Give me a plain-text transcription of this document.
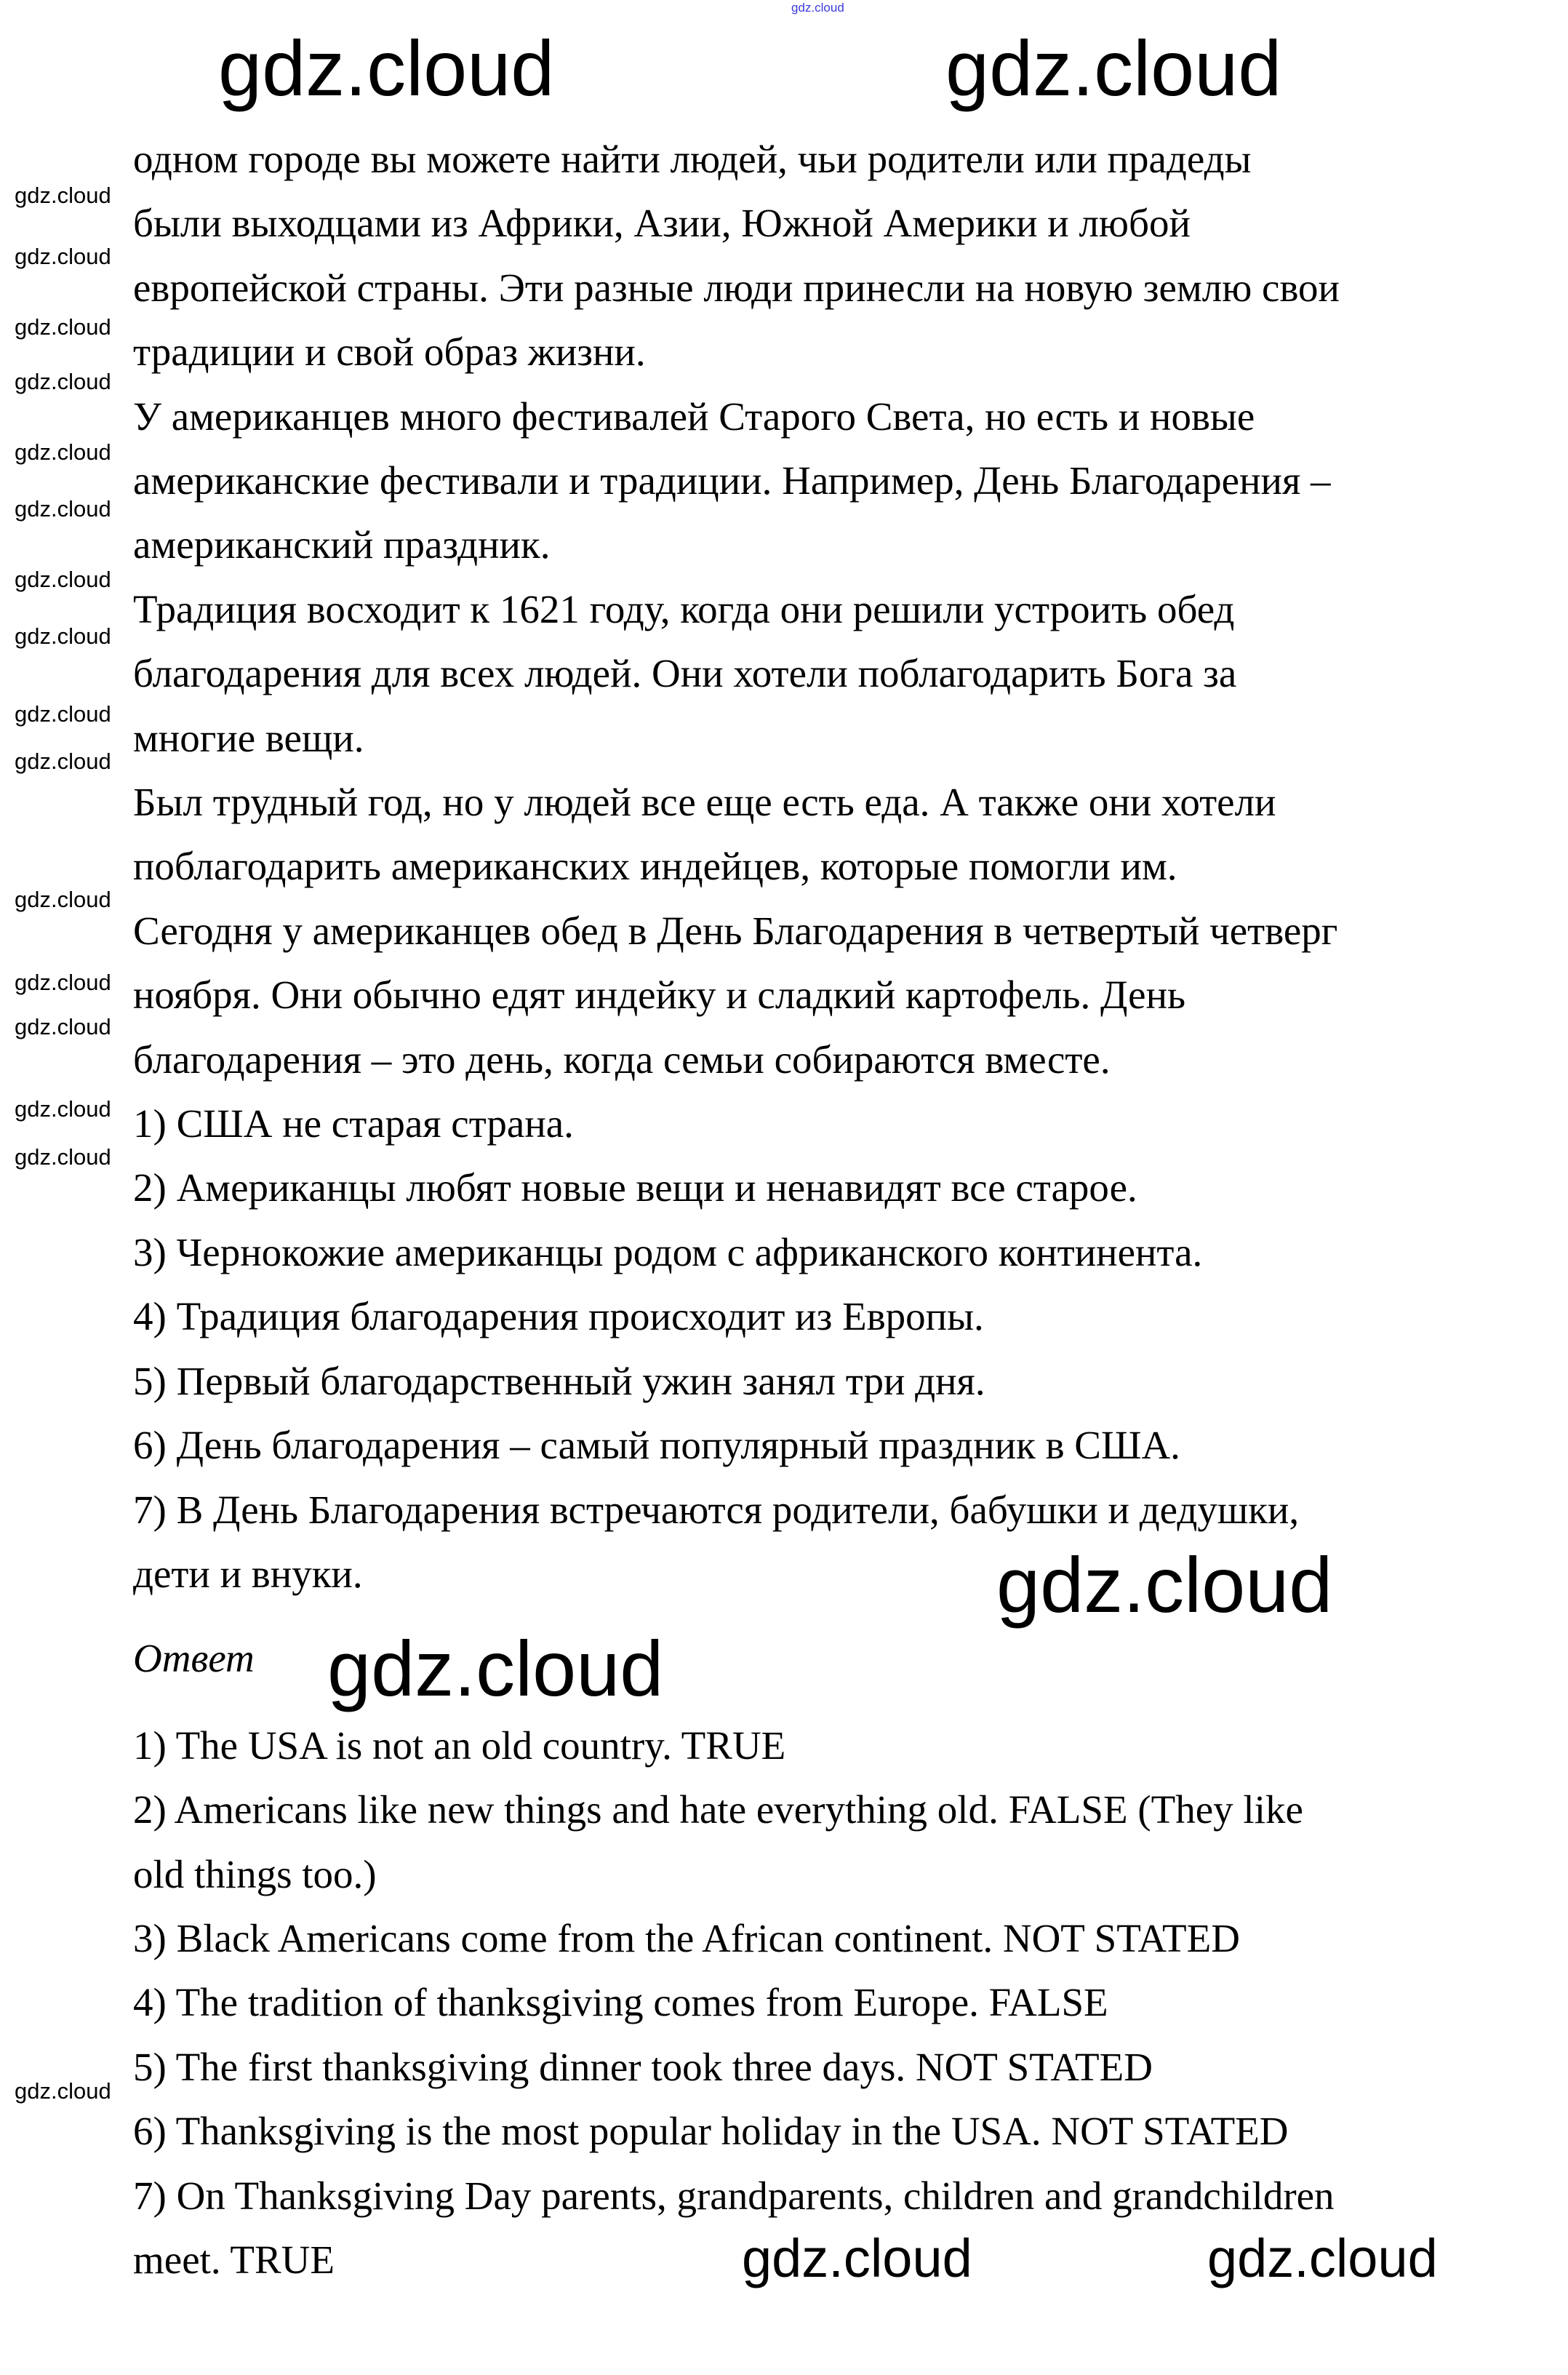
одном городе вы можете найти людей, чьи родители или прадеды
были выходцами из Африки, Азии, Южной Америки и любой
европейской страны. Эти разные люди принесли на новую землю свои
традиции и свой образ жизни.
У американцев много фестивалей Старого Света, но есть и новые
американские фестивали и традиции. Например, День Благодарения –
американский праздник.
Традиция восходит к 1621 году, когда они решили устроить обед
благодарения для всех людей. Они хотели поблагодарить Бога за
многие вещи.
Был трудный год, но у людей все еще есть еда. А также они хотели
поблагодарить американских индейцев, которые помогли им.
Сегодня у американцев обед в День Благодарения в четвертый четверг
ноября. Они обычно едят индейку и сладкий картофель. День
благодарения – это день, когда семьи собираются вместе.
1) США не старая страна.
2) Американцы любят новые вещи и ненавидят все старое.
3) Чернокожие американцы родом с африканского континента.
4) Традиция благодарения происходит из Европы.
5) Первый благодарственный ужин занял три дня.
6) День благодарения – самый популярный праздник в США.
7) В День Благодарения встречаются родители, бабушки и дедушки,
дети и внуки.
Ответ
1) The USA is not an old country. TRUE
2) Americans like new things and hate everything old. FALSE (They like
old things too.)
3) Black Americans come from the African continent. NOT STATED
4) The tradition of thanksgiving comes from Europe. FALSE
5) The first thanksgiving dinner took three days. NOT STATED
6) Thanksgiving is the most popular holiday in the USA. NOT STATED
7) On Thanksgiving Day parents, grandparents, children and grandchildren
meet. TRUE
gdz.cloud
gdz.cloud	gdz.cloud
gdz.cloud
gdz.cloud
gdz.cloud	gdz.cloud
gdz.cloud
gdz.cloud
gdz.cloud
gdz.cloud
gdz.cloud
gdz.cloud
gdz.cloud
gdz.cloud
gdz.cloud
gdz.cloud
gdz.cloud
gdz.cloud
gdz.cloud
gdz.cloud
gdz.cloud
gdz.cloud
